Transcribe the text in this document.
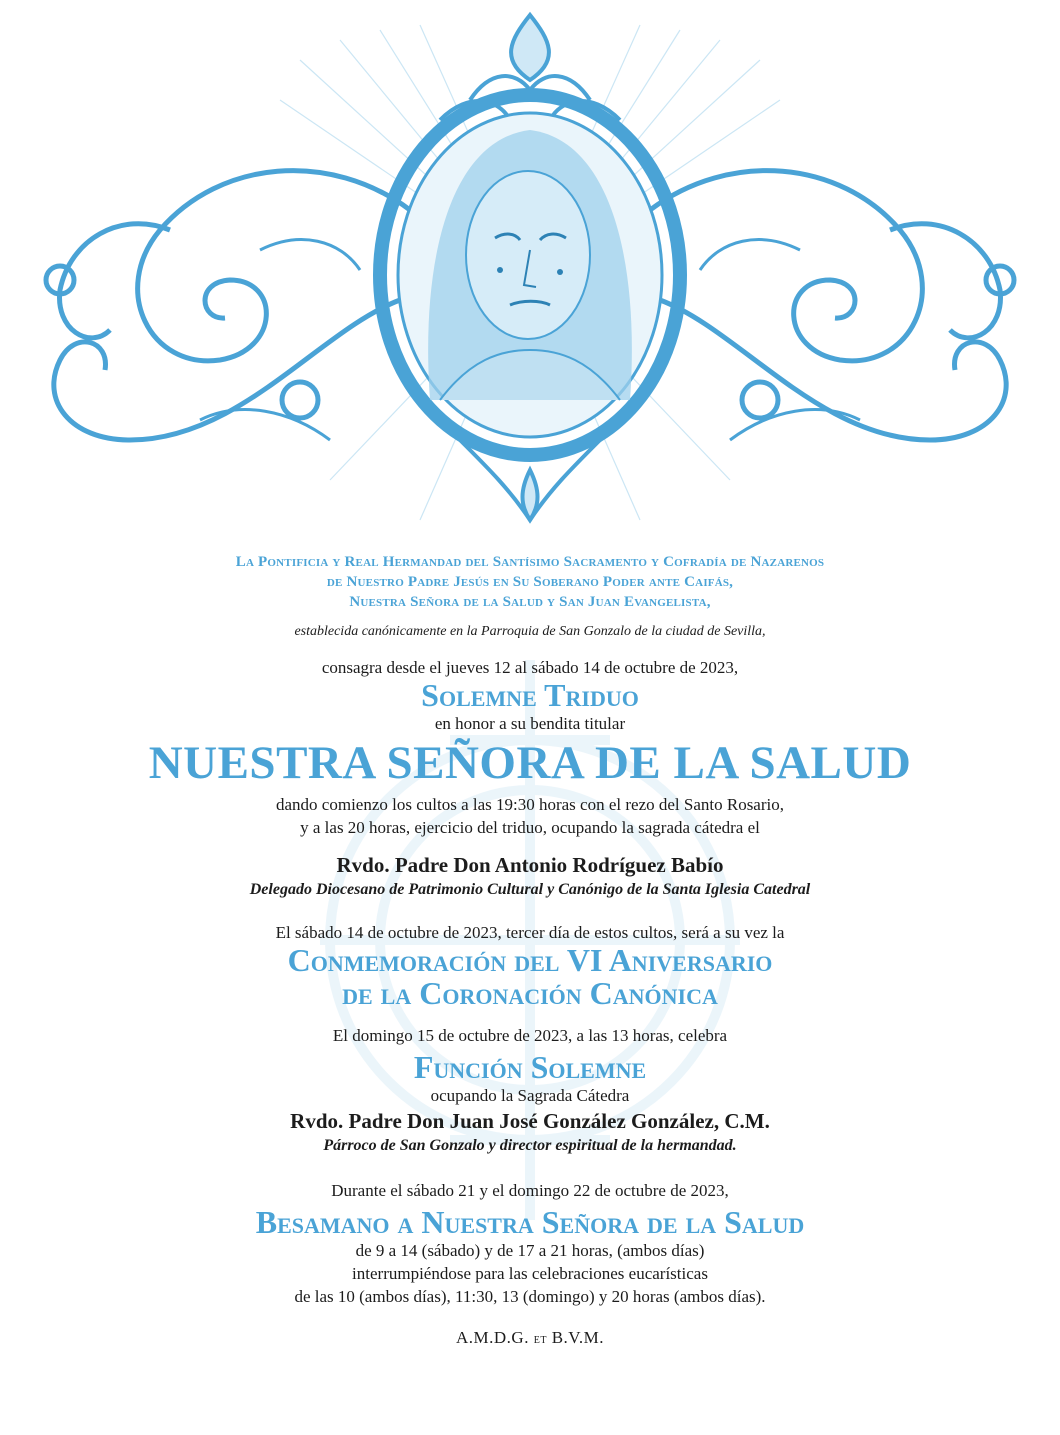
La Pontificia y Real Hermandad del Santísimo Sacramento y Cofradía de Nazarenos
de Nuestro Padre Jesús en Su Soberano Poder ante Caifás,
Nuestra Señora de la Salud y San Juan Evangelista,
establecida canónicamente en la Parroquia de San Gonzalo de la ciudad de Sevilla,
consagra desde el jueves 12 al sábado 14 de octubre de 2023,
Solemne Triduo
en honor a su bendita titular
NUESTRA SEÑORA DE LA SALUD
dando comienzo los cultos a las 19:30 horas con el rezo del Santo Rosario,
y a las 20 horas, ejercicio del triduo, ocupando la sagrada cátedra el
Rvdo. Padre Don Antonio Rodríguez Babío
Delegado Diocesano de Patrimonio Cultural y Canónigo de la Santa Iglesia Catedral
El sábado 14 de octubre de 2023, tercer día de estos cultos, será a su vez la
Conmemoración del VI Aniversario
de la Coronación Canónica
El domingo 15 de octubre de 2023, a las 13 horas, celebra
Función Solemne
ocupando la Sagrada Cátedra
Rvdo. Padre Don Juan José González González, C.M.
Párroco de San Gonzalo y director espiritual de la hermandad.
Durante el sábado 21 y el domingo 22 de octubre de 2023,
Besamano a Nuestra Señora de la Salud
de 9 a 14 (sábado) y de 17 a 21 horas, (ambos días)
interrumpiéndose para las celebraciones eucarísticas
de las 10 (ambos días), 11:30, 13 (domingo) y 20 horas (ambos días).
A.M.D.G. et B.V.M.
